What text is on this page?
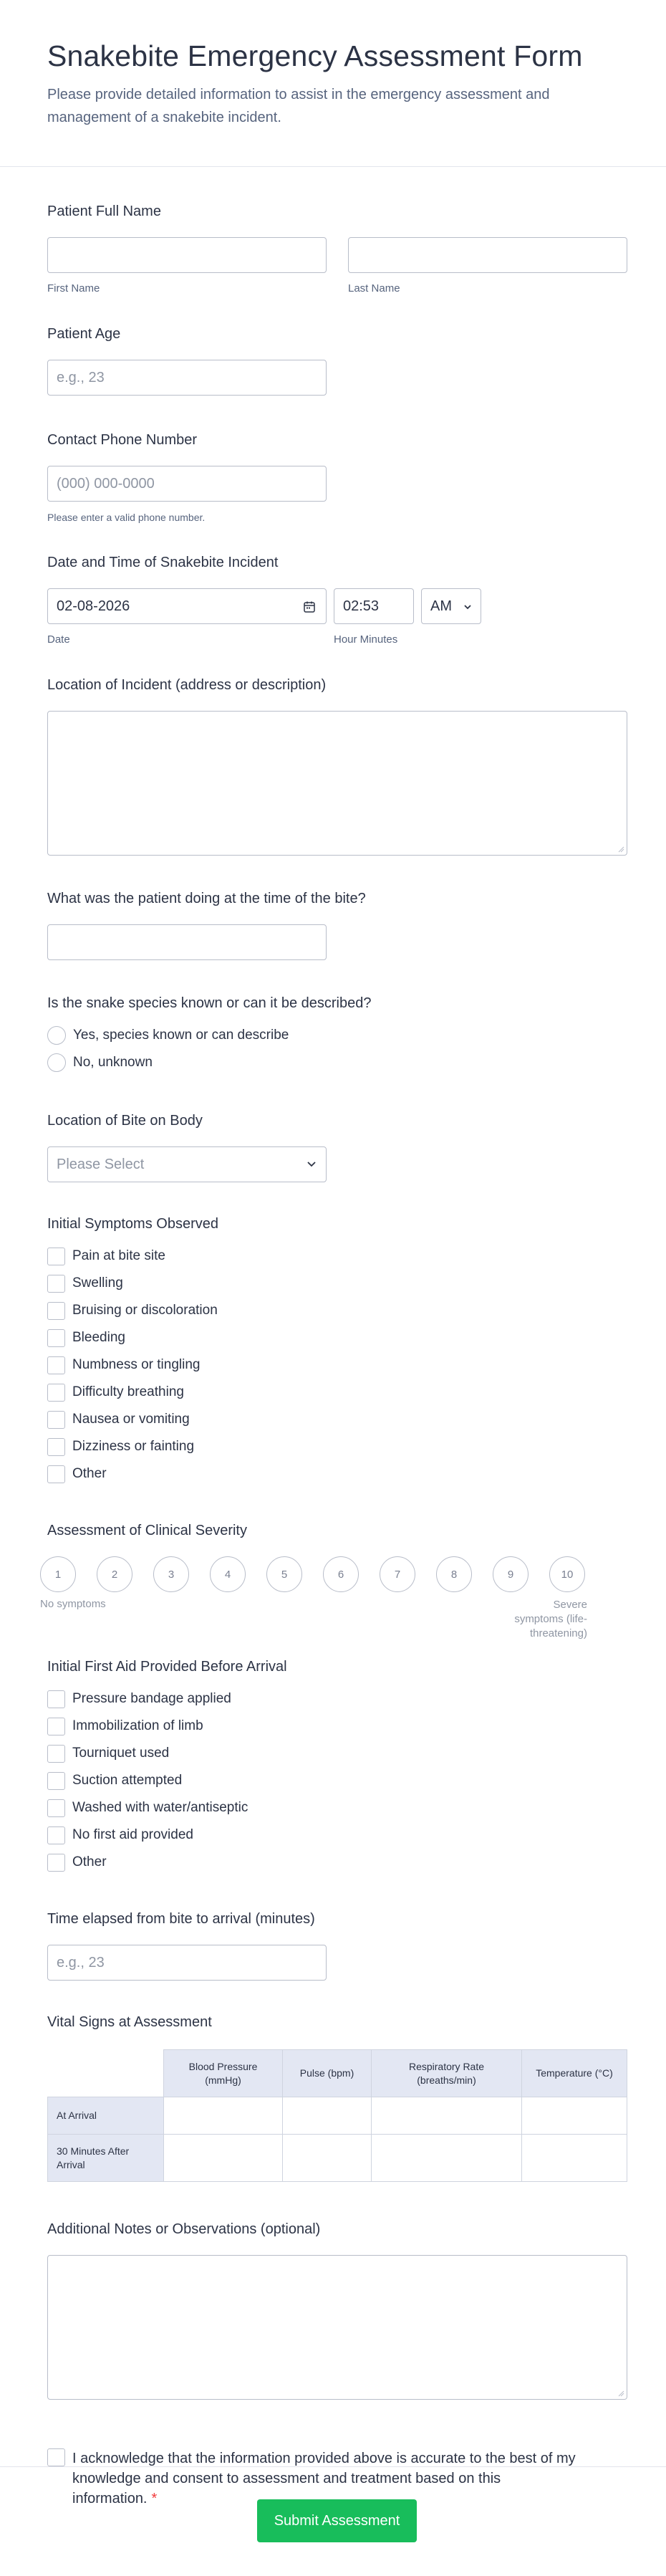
Snakebite Emergency Assessment Form

Please provide detailed information to assist in the emergency assessment and management of a snakebite incident.

Patient Full Name
First Name	Last Name
Patient Age
e.g., 23
Contact Phone Number
(000) 000-0000
Please enter a valid phone number.
Date and Time of Snakebite Incident
02-08-2026
Date
02:53
Hour Minutes
AM
Location of Incident (address or description)
What was the patient doing at the time of the bite?
Is the snake species known or can it be described?
Yes, species known or can describe
No, unknown
Location of Bite on Body
Please Select
Initial Symptoms Observed
Pain at bite site
Swelling
Bruising or discoloration
Bleeding
Numbness or tingling
Difficulty breathing
Nausea or vomiting
Dizziness or fainting
Other
Assessment of Clinical Severity
1	2	3	4	5	6	7	8	9	10
No symptoms	Severe symptoms (life-threatening)
Initial First Aid Provided Before Arrival
Pressure bandage applied
Immobilization of limb
Tourniquet used
Suction attempted
Washed with water/antiseptic
No first aid provided
Other
Time elapsed from bite to arrival (minutes)
e.g., 23
Vital Signs at Assessment
	Blood Pressure (mmHg)	Pulse (bpm)	Respiratory Rate (breaths/min)	Temperature (°C)
At Arrival				
30 Minutes After Arrival				
Additional Notes or Observations (optional)
I acknowledge that the information provided above is accurate to the best of my knowledge and consent to assessment and treatment based on this information. *
Submit Assessment
